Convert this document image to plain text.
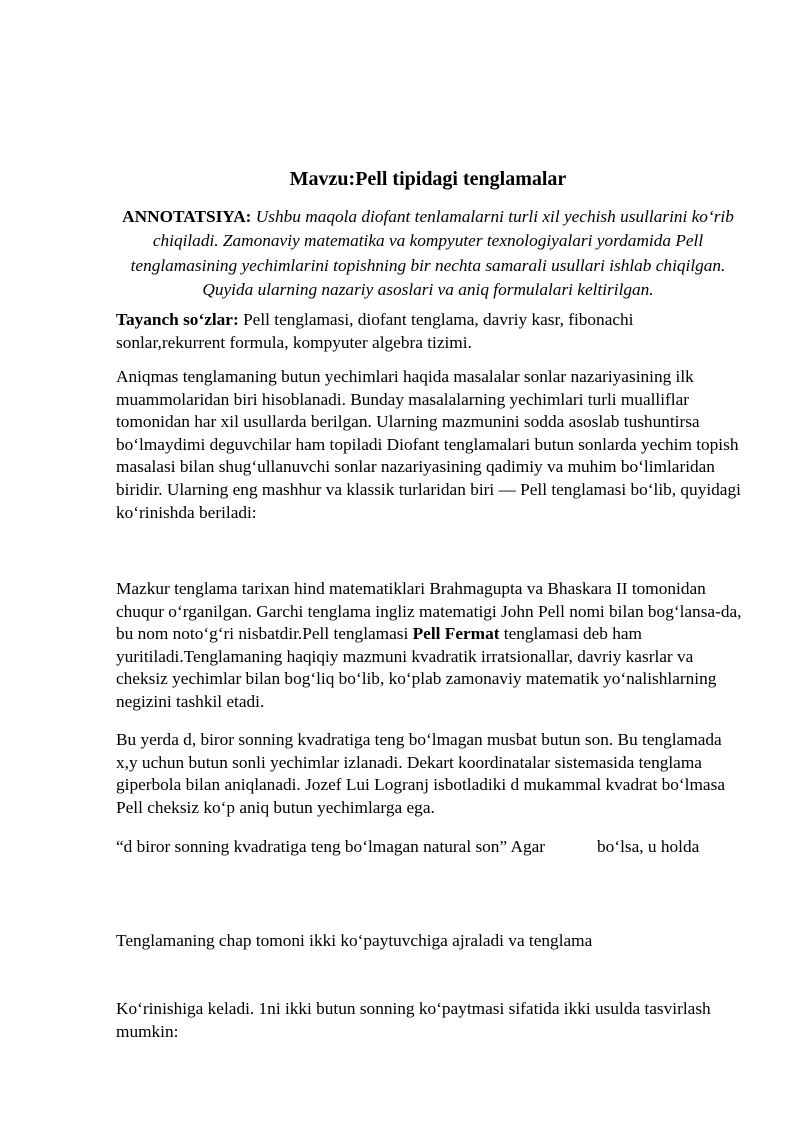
Mavzu:Pell tipidagi tenglamalar
ANNOTATSIYA: Ushbu maqola diofant tenlamalarni turli xil yechish usullarini ko‘rib chiqiladi. Zamonaviy matematika va kompyuter texnologiyalari yordamida Pell tenglamasining yechimlarini topishning bir nechta samarali usullari ishlab chiqilgan. Quyida ularning nazariy asoslari va aniq formulalari keltirilgan.
Tayanch so‘zlar: Pell tenglamasi, diofant tenglama, davriy kasr, fibonachi sonlar,rekurrent formula, kompyuter algebra tizimi.
Aniqmas tenglamaning butun yechimlari haqida masalalar sonlar nazariyasining ilk muammolaridan biri hisoblanadi. Bunday masalalarning yechimlari turli mualliflar tomonidan har xil usullarda berilgan. Ularning mazmunini sodda asoslab tushuntirsa bo‘lmaydimi deguvchilar ham topiladi Diofant tenglamalari butun sonlarda yechim topish masalasi bilan shug‘ullanuvchi sonlar nazariyasining qadimiy va muhim bo‘limlaridan biridir. Ularning eng mashhur va klassik turlaridan biri — Pell tenglamasi bo‘lib, quyidagi ko‘rinishda beriladi:
Mazkur tenglama tarixan hind matematiklari Brahmagupta va Bhaskara II tomonidan chuqur o‘rganilgan. Garchi tenglama ingliz matematigi John Pell nomi bilan bog‘lansa-da, bu nom noto‘g‘ri nisbatdir.Pell tenglamasi Pell Fermat tenglamasi deb ham yuritiladi.Tenglamaning haqiqiy mazmuni kvadratik irratsionallar, davriy kasrlar va cheksiz yechimlar bilan bog‘liq bo‘lib, ko‘plab zamonaviy matematik yo‘nalishlarning negizini tashkil etadi.
Bu yerda d, biror sonning kvadratiga teng bo‘lmagan musbat butun son. Bu tenglamada x,y uchun butun sonli yechimlar izlanadi. Dekart koordinatalar sistemasida tenglama giperbola bilan aniqlanadi. Jozef Lui Logranj isbotladiki d mukammal kvadrat bo‘lmasa Pell cheksiz ko‘p aniq butun yechimlarga ega.
“d biror sonning kvadratiga teng bo‘lmagan natural son” Agar	bo‘lsa, u holda
Tenglamaning chap tomoni ikki ko‘paytuvchiga ajraladi va tenglama
Ko‘rinishiga keladi. 1ni ikki butun sonning ko‘paytmasi sifatida ikki usulda tasvirlash mumkin:
